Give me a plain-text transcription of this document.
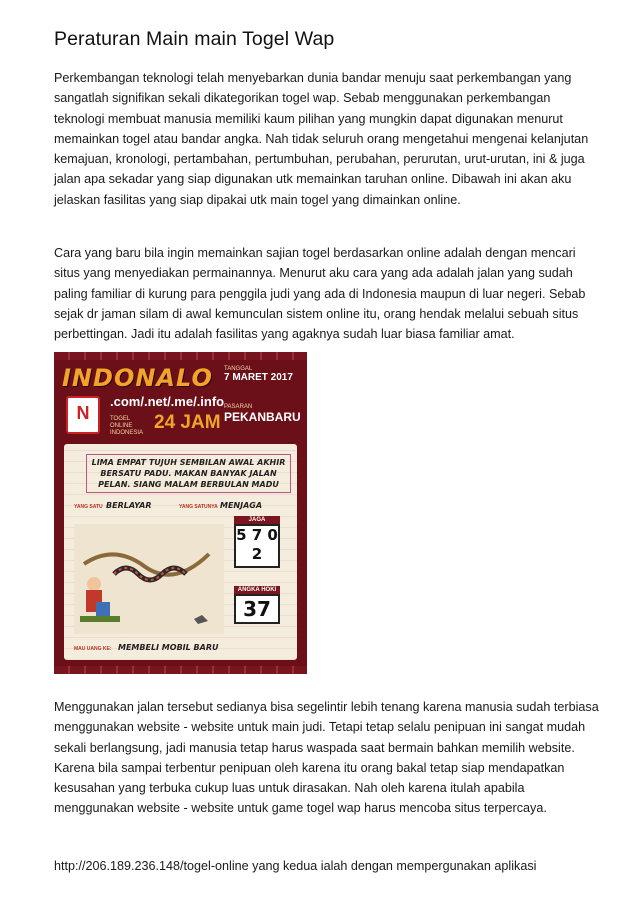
Peraturan Main main Togel Wap
Perkembangan teknologi telah menyebarkan dunia bandar menuju saat perkembangan yang sangatlah signifikan sekali dikategorikan togel wap. Sebab menggunakan perkembangan teknologi membuat manusia memiliki kaum pilihan yang mungkin dapat digunakan menurut memainkan togel atau bandar angka. Nah tidak seluruh orang mengetahui mengenai kelanjutan kemajuan, kronologi, pertambahan, pertumbuhan, perubahan, perurutan, urut-urutan, ini & juga jalan apa sekadar yang siap digunakan utk memainkan taruhan online. Dibawah ini akan aku jelaskan fasilitas yang siap dipakai utk main togel yang dimainkan online.
Cara yang baru bila ingin memainkan sajian togel berdasarkan online adalah dengan mencari situs yang menyediakan permainannya. Menurut aku cara yang ada adalah jalan yang sudah paling familiar di kurung para penggila judi yang ada di Indonesia maupun di luar negeri. Sebab sejak dr jaman silam di awal kemunculan sistem online itu, orang hendak melalui sebuah situs perbettingan. Jadi itu adalah fasilitas yang agaknya sudah luar biasa familiar amat.
INDONALO
N
.com/.net/.me/.info
TOGEL ONLINE INDONESIA 24 JAM
TANGGAL
7 MARET 2017
PASARAN
PEKANBARU
LIMA EMPAT TUJUH SEMBILAN AWAL AKHIR BERSATU PADU. MAKAN BANYAK JALAN PELAN. SIANG MALAM BERBULAN MADU
YANG SATU BERLAYAR	YANG SATUNYA MENJAGA
JAGA
5 7 0 2
ANGKA HOKI
37
MAU UANG KE: MEMBELI MOBIL BARU
Menggunakan jalan tersebut sedianya bisa segelintir lebih tenang karena manusia sudah terbiasa menggunakan website - website untuk main judi. Tetapi tetap selalu penipuan ini sangat mudah sekali berlangsung, jadi manusia tetap harus waspada saat bermain bahkan memilih website. Karena bila sampai terbentur penipuan oleh karena itu orang bakal tetap siap mendapatkan kesusahan yang terbuka cukup luas untuk dirasakan. Nah oleh karena itulah apabila menggunakan website - website untuk game togel wap harus mencoba situs terpercaya.
http://206.189.236.148/togel-online yang kedua ialah dengan mempergunakan aplikasi
